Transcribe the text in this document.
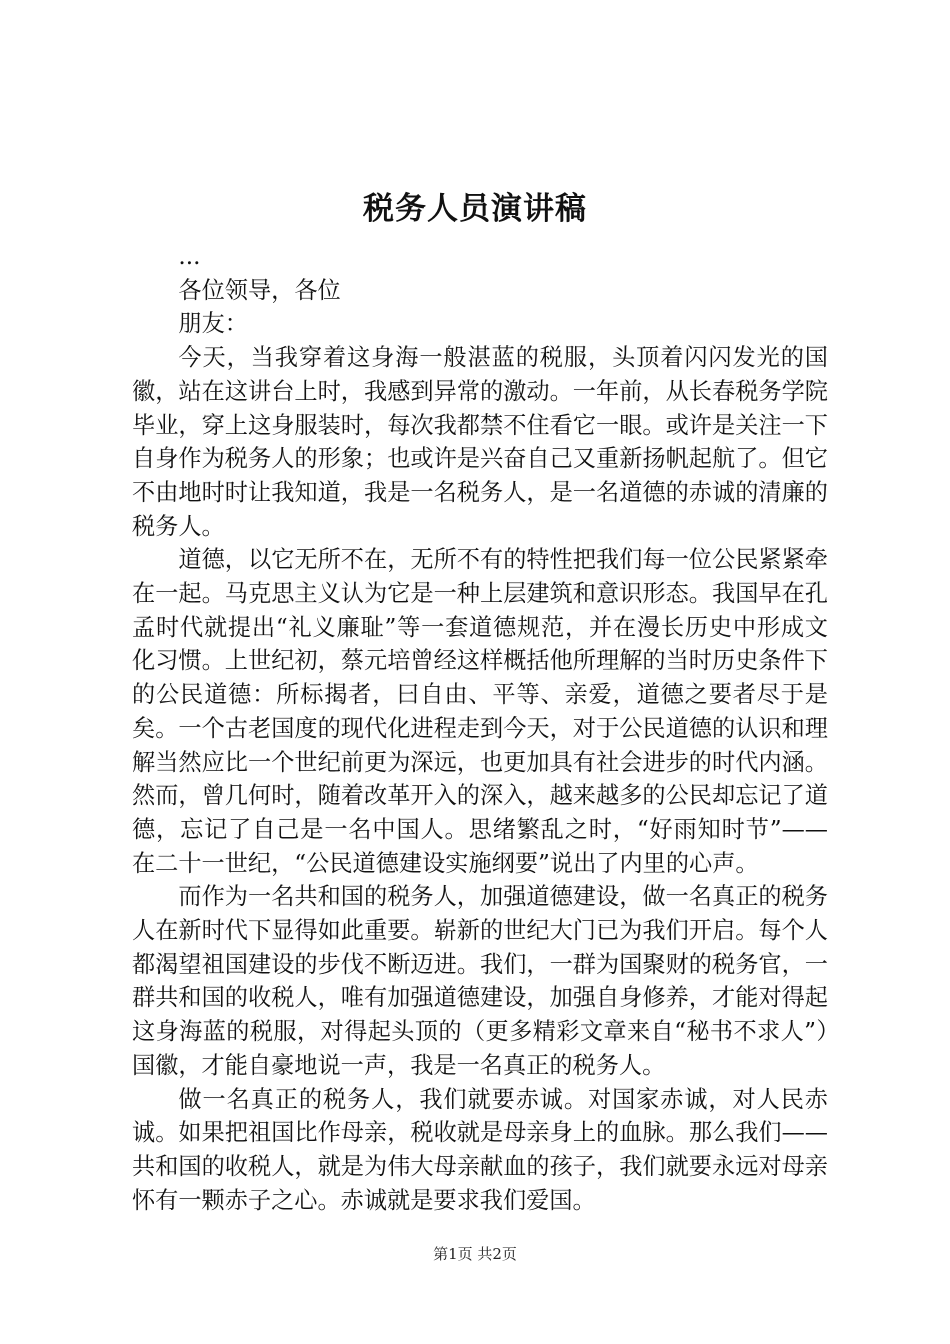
税务人员演讲稿

...

各位领导，各位

朋友：

今天，当我穿着这身海一般湛蓝的税服，头顶着闪闪发光的国徽，站在这讲台上时，我感到异常的激动。一年前，从长春税务学院毕业，穿上这身服装时，每次我都禁不住看它一眼。或许是关注一下自身作为税务人的形象；也或许是兴奋自己又重新扬帆起航了。但它不由地时时让我知道，我是一名税务人，是一名道德的赤诚的清廉的税务人。

道德，以它无所不在，无所不有的特性把我们每一位公民紧紧牵在一起。马克思主义认为它是一种上层建筑和意识形态。我国早在孔孟时代就提出“礼义廉耻”等一套道德规范，并在漫长历史中形成文化习惯。上世纪初，蔡元培曾经这样概括他所理解的当时历史条件下的公民道德：所标揭者，曰自由、平等、亲爱，道德之要者尽于是矣。一个古老国度的现代化进程走到今天，对于公民道德的认识和理解当然应比一个世纪前更为深远，也更加具有社会进步的时代内涵。然而，曾几何时，随着改革开入的深入，越来越多的公民却忘记了道德，忘记了自己是一名中国人。思绪繁乱之时，“好雨知时节”——在二十一世纪，“公民道德建设实施纲要”说出了内里的心声。

而作为一名共和国的税务人，加强道德建设，做一名真正的税务人在新时代下显得如此重要。崭新的世纪大门已为我们开启。每个人都渴望祖国建设的步伐不断迈进。我们，一群为国聚财的税务官，一群共和国的收税人，唯有加强道德建设，加强自身修养，才能对得起这身海蓝的税服，对得起头顶的（更多精彩文章来自“秘书不求人”）国徽，才能自豪地说一声，我是一名真正的税务人。

做一名真正的税务人，我们就要赤诚。对国家赤诚，对人民赤诚。如果把祖国比作母亲，税收就是母亲身上的血脉。那么我们——共和国的收税人，就是为伟大母亲献血的孩子，我们就要永远对母亲怀有一颗赤子之心。赤诚就是要求我们爱国。

第1页 共2页
